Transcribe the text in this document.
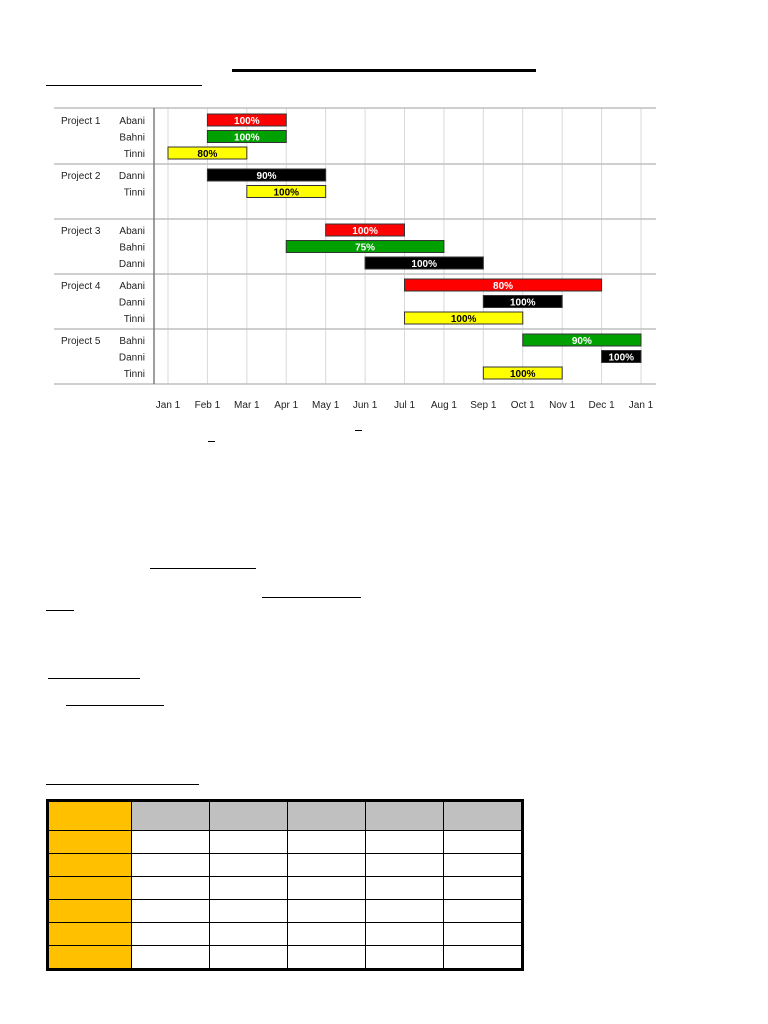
Jan 1 Feb 1 Mar 1 Apr 1 May 1 Jun 1 Jul 1 Aug 1 Sep 1 Oct 1 Nov 1 Dec 1 Jan 1
Project 1 Abani	100%
Bahni	100%
Tinni	80%
Project 2 Danni	90%
Tinni	100%
Project 3 Abani	100%
Bahni	75%
Danni	100%
Project 4 Abani	80%
Danni	100%
Tinni	100%
Project 5 Bahni	90%
Danni	100%
Tinni	100%
